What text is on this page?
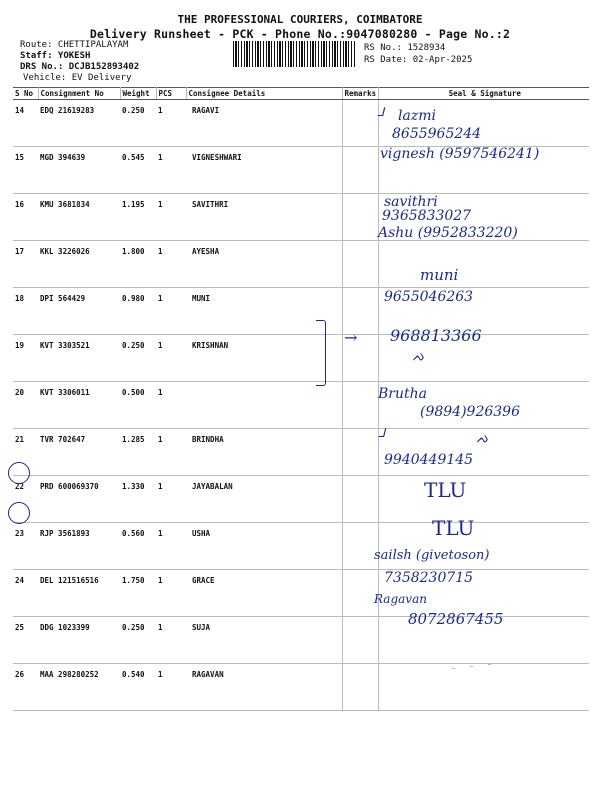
THE PROFESSIONAL COURIERS, COIMBATORE
Delivery Runsheet - PCK - Phone No.:9047080280 - Page No.:2
Route: CHETTIPALAYAM
Staff: YOKESH
DRS No.: DCJB152893402
Vehicle: EV Delivery
RS No.: 1528934
RS Date: 02-Apr-2025
S No	Consignment No	Weight	PCS	Consignee Details	Remarks	Seal & Signature
14	EDQ 21619283	0.250	1	RAGAVI		
15	MGD 394639	0.545	1	VIGNESHWARI		
16	KMU 3681834	1.195	1	SAVITHRI		
17	KKL 3226026	1.800	1	AYESHA		
18	DPI 564429	0.980	1	MUNI		
19	KVT 3303521	0.250	1	KRISHNAN		
20	KVT 3306011	0.500	1			
21	TVR 702647	1.285	1	BRINDHA		
22	PRD 600069370	1.330	1	JAYABALAN		
23	RJP 3561893	0.560	1	USHA		
24	DEL 121516516	1.750	1	GRACE		
25	DDG 1023399	0.250	1	SUJA		
26	MAA 298280252	0.540	1	RAGAVAN		
ᒧ lazmi
8655965244
vignesh (9597546241)
savithri
9365833027
Ashu (9952833220)
muni
9655046263
→ 968813366
ᨄ
Brutha
(9894)926396
ᒧ	ᨄ
9940449145
TLU
TLU
sailsh (givetoson)
7358230715
Ragavan
8072867455
